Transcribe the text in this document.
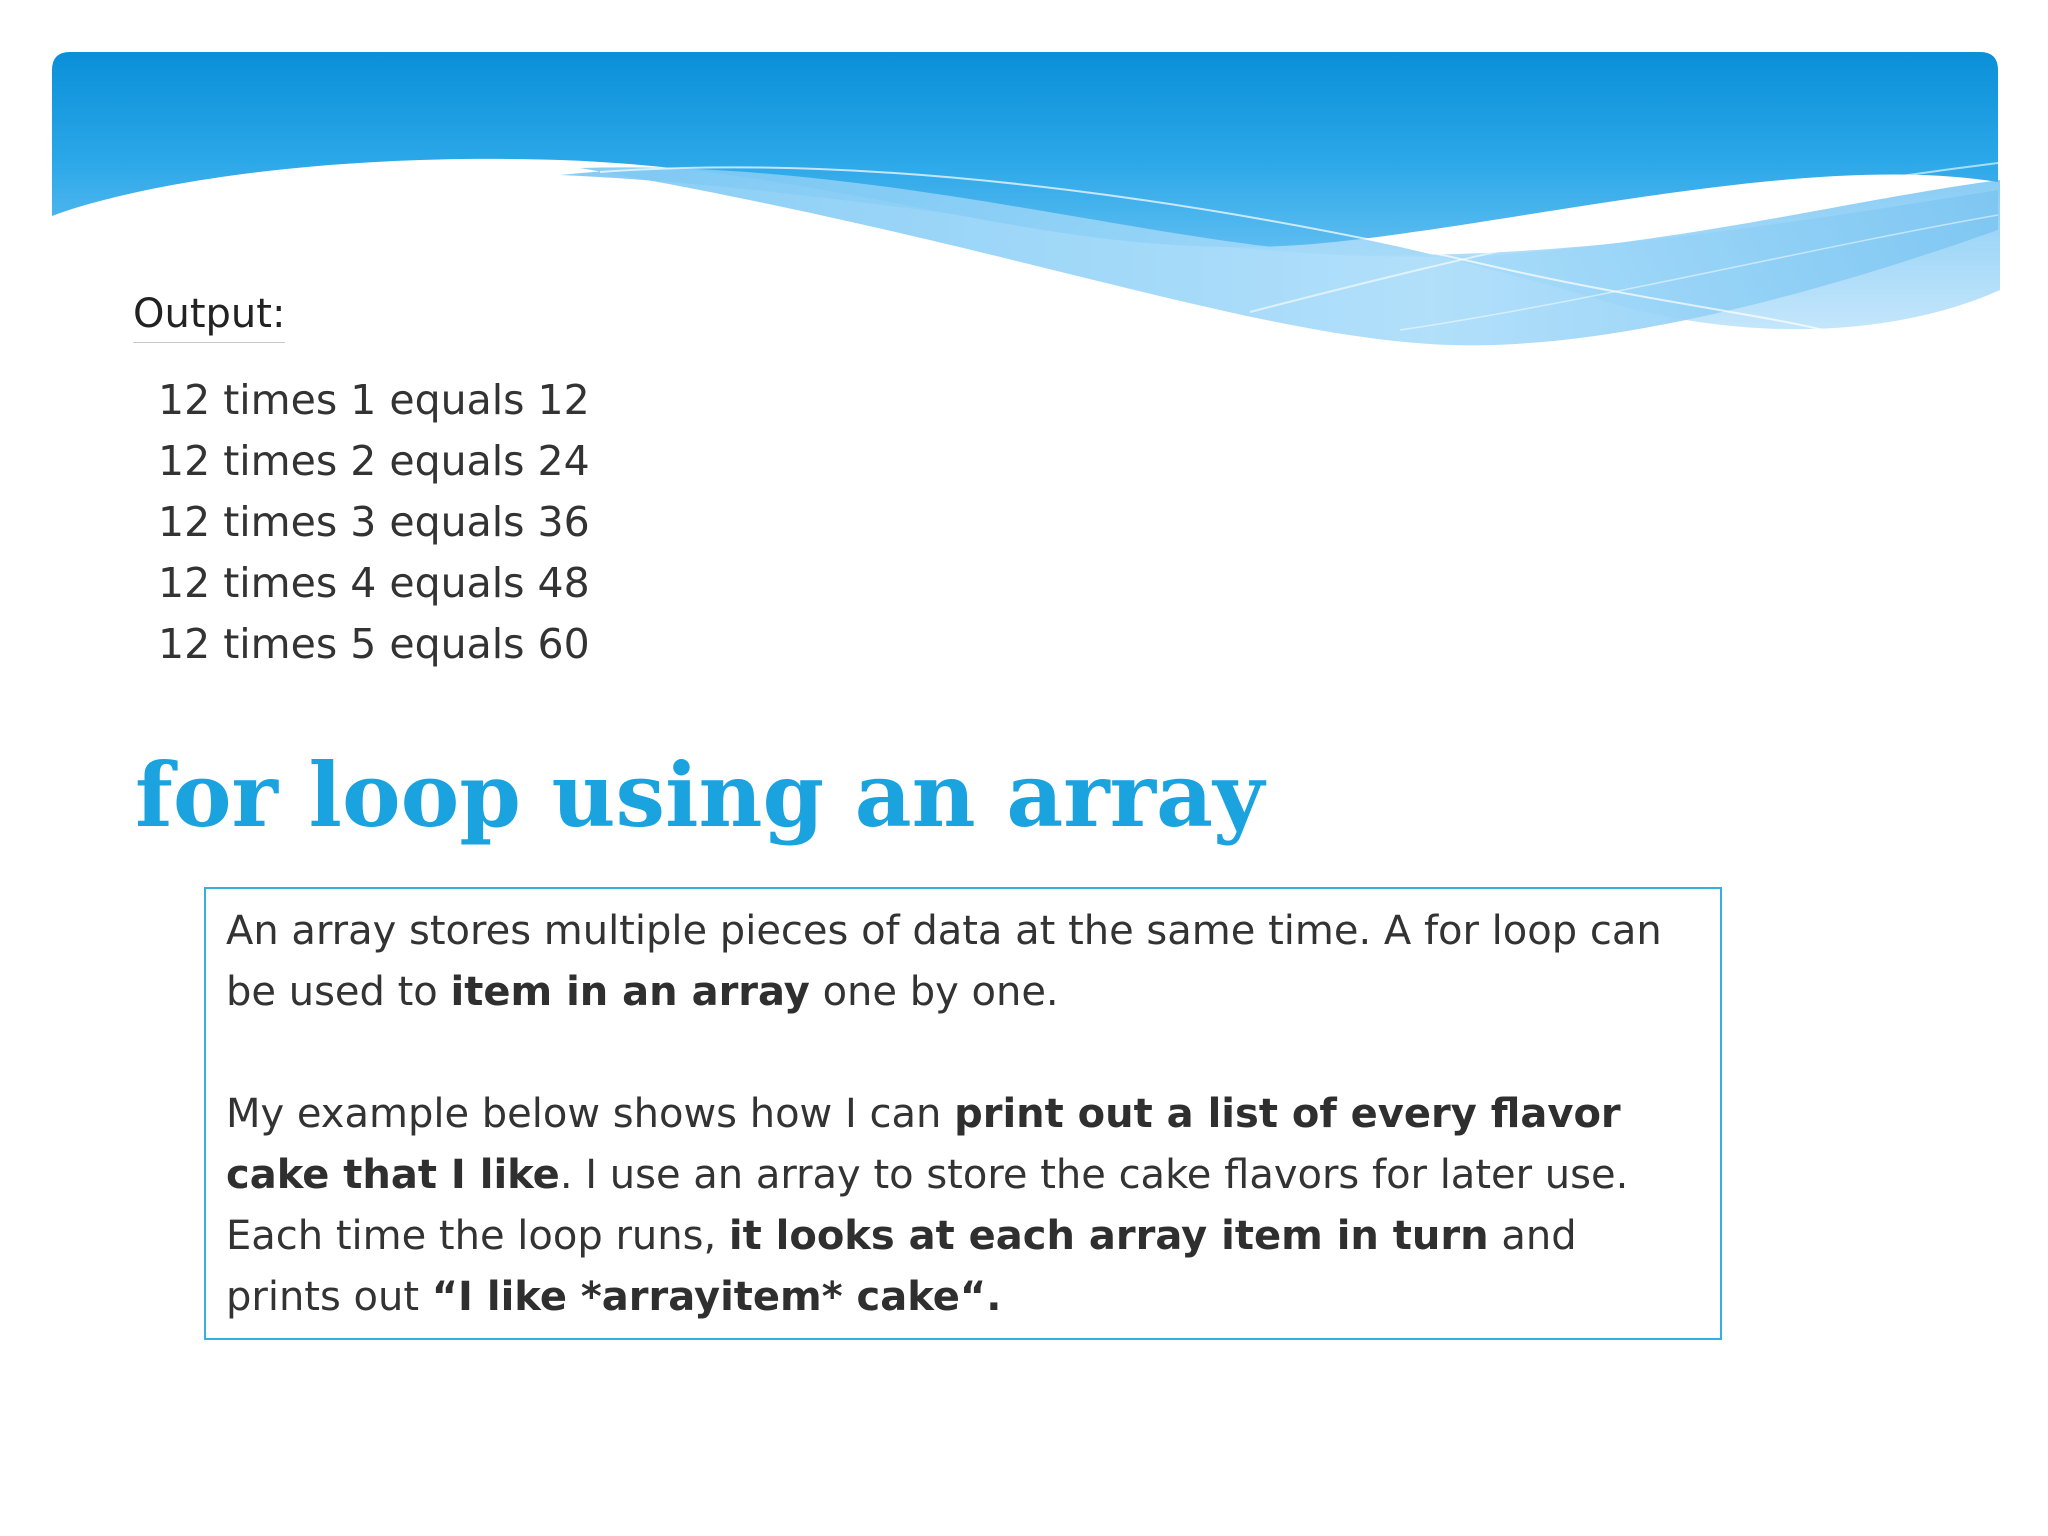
Output:

12 times 1 equals 12
12 times 2 equals 24
12 times 3 equals 36
12 times 4 equals 48
12 times 5 equals 60
for loop using an array

An array stores multiple pieces of data at the same time. A for loop can be used to item in an array one by one.

My example below shows how I can print out a list of every flavor cake that I like. I use an array to store the cake flavors for later use. Each time the loop runs, it looks at each array item in turn and prints out “I like *arrayitem* cake“.
